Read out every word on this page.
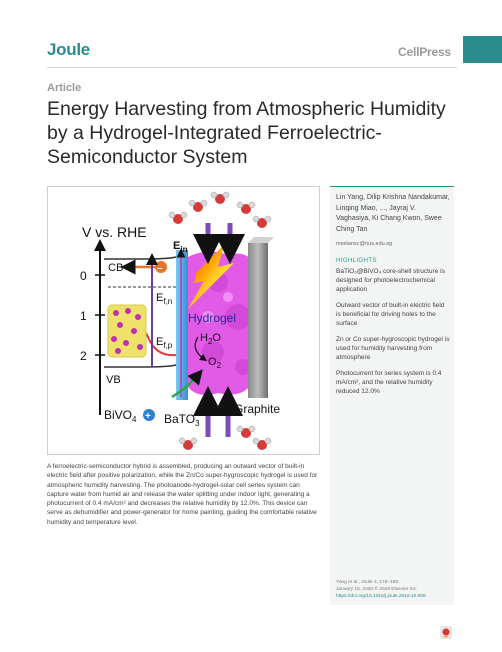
Joule	CellPress
Article
Energy Harvesting from Atmospheric Humidity by a Hydrogel-Integrated Ferroelectric-Semiconductor System
V vs. RHE
0
1
2
CB
VB
–
$E_{in}$
$E_{f,n}$
$E_{f,p}$
Hydrogel
$H_2O$
$O_2$
BiVO$_4$ + BaTO$_3$
Graphite

A ferroelectric-semiconductor hybrid is assembled, producing an outward vector of built-in electric field after positive polarization, while the Zn/Co super-hygroscopic hydrogel is used for atmospheric humidity harvesting. The photoanode-hydrogel-solar cell series system can capture water from humid air and release the water splitting under indoor light, generating a photocurrent of 0.4 mA/cm² and decreases the relative humidity by 12.0%. This device can serve as dehumidifier and power-generator for home painting, guiding the comfortable relative humidity and temperature level.

Lin Yang, Dilip Krishna Nandakumar, Linqing Miao, ..., Jayraj V. Vaghasiya, Ki Chang Kwon, Swee Ching Tan
msetansc@nus.edu.sg
HIGHLIGHTS
BaTiO₃@BiVO₄ core-shell structure is designed for photoelectrochemical application
Outward vector of built-in electric field is beneficial for driving holes to the surface
Zn or Co super-hygroscopic hydrogel is used for humidity harvesting from atmosphere
Photocurrent for series system is 0.4 mA/cm², and the relative humidity reduced 12.0%
Yang et al., Joule 4, 176–188
January 15, 2020 © 2019 Elsevier Inc.
https://doi.org/10.1016/j.joule.2019.10.008
